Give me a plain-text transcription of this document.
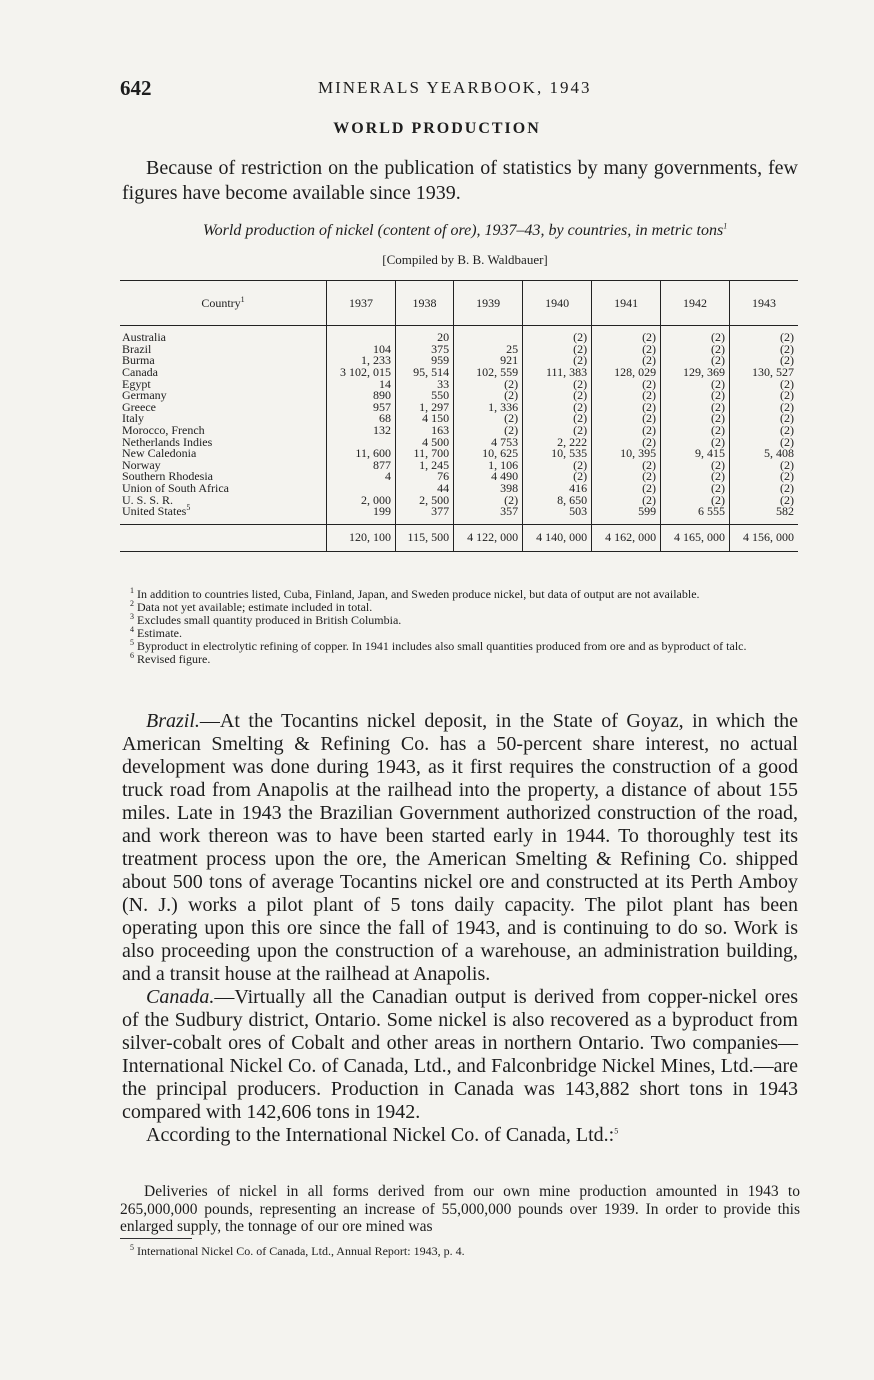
642	MINERALS YEARBOOK, 1943
WORLD PRODUCTION
Because of restriction on the publication of statistics by many governments, few figures have become available since 1939.
World production of nickel (content of ore), 1937–43, by countries, in metric tons$^1$
[Compiled by B. B. Waldbauer]
Country$^1$	1937	1938	1939	1940	1941	1942	1943
Australia		20		(2)	(2)	(2)	(2)
Brazil	104	375	25	(2)	(2)	(2)	(2)
Burma	1, 233	959	921	(2)	(2)	(2)	(2)
Canada	3 102, 015	95, 514	102, 559	111, 383	128, 029	129, 369	130, 527
Egypt	14	33	(2)	(2)	(2)	(2)	(2)
Germany	890	550	(2)	(2)	(2)	(2)	(2)
Greece	957	1, 297	1, 336	(2)	(2)	(2)	(2)
Italy	68	4 150	(2)	(2)	(2)	(2)	(2)
Morocco, French	132	163	(2)	(2)	(2)	(2)	(2)
Netherlands Indies		4 500	4 753	2, 222	(2)	(2)	(2)
New Caledonia	11, 600	11, 700	10, 625	10, 535	10, 395	9, 415	5, 408
Norway	877	1, 245	1, 106	(2)	(2)	(2)	(2)
Southern Rhodesia	4	76	4 490	(2)	(2)	(2)	(2)
Union of South Africa		44	398	416	(2)	(2)	(2)
U. S. S. R.	2, 000	2, 500	(2)	8, 650	(2)	(2)	(2)
United States$^5$	199	377	357	503	599	6 555	582
	120, 100	115, 500	4 122, 000	4 140, 000	4 162, 000	4 165, 000	4 156, 000

$^1$ In addition to countries listed, Cuba, Finland, Japan, and Sweden produce nickel, but data of output are not available.

$^2$ Data not yet available; estimate included in total.

$^3$ Excludes small quantity produced in British Columbia.

$^4$ Estimate.

$^5$ Byproduct in electrolytic refining of copper. In 1941 includes also small quantities produced from ore and as byproduct of talc.

$^6$ Revised figure.

Brazil.—At the Tocantins nickel deposit, in the State of Goyaz, in which the American Smelting & Refining Co. has a 50-percent share interest, no actual development was done during 1943, as it first requires the construction of a good truck road from Anapolis at the railhead into the property, a distance of about 155 miles. Late in 1943 the Brazilian Government authorized construction of the road, and work thereon was to have been started early in 1944. To thoroughly test its treatment process upon the ore, the American Smelting & Refining Co. shipped about 500 tons of average Tocantins nickel ore and constructed at its Perth Amboy (N. J.) works a pilot plant of 5 tons daily capacity. The pilot plant has been operating upon this ore since the fall of 1943, and is continuing to do so. Work is also proceeding upon the construction of a warehouse, an administration building, and a transit house at the railhead at Anapolis.

Canada.—Virtually all the Canadian output is derived from copper-nickel ores of the Sudbury district, Ontario. Some nickel is also recovered as a byproduct from silver-cobalt ores of Cobalt and other areas in northern Ontario. Two companies—International Nickel Co. of Canada, Ltd., and Falconbridge Nickel Mines, Ltd.—are the principal producers. Production in Canada was 143,882 short tons in 1943 compared with 142,606 tons in 1942.

According to the International Nickel Co. of Canada, Ltd.:$^5$

Deliveries of nickel in all forms derived from our own mine production amounted in 1943 to 265,000,000 pounds, representing an increase of 55,000,000 pounds over 1939. In order to provide this enlarged supply, the tonnage of our ore mined was

$^5$ International Nickel Co. of Canada, Ltd., Annual Report: 1943, p. 4.
